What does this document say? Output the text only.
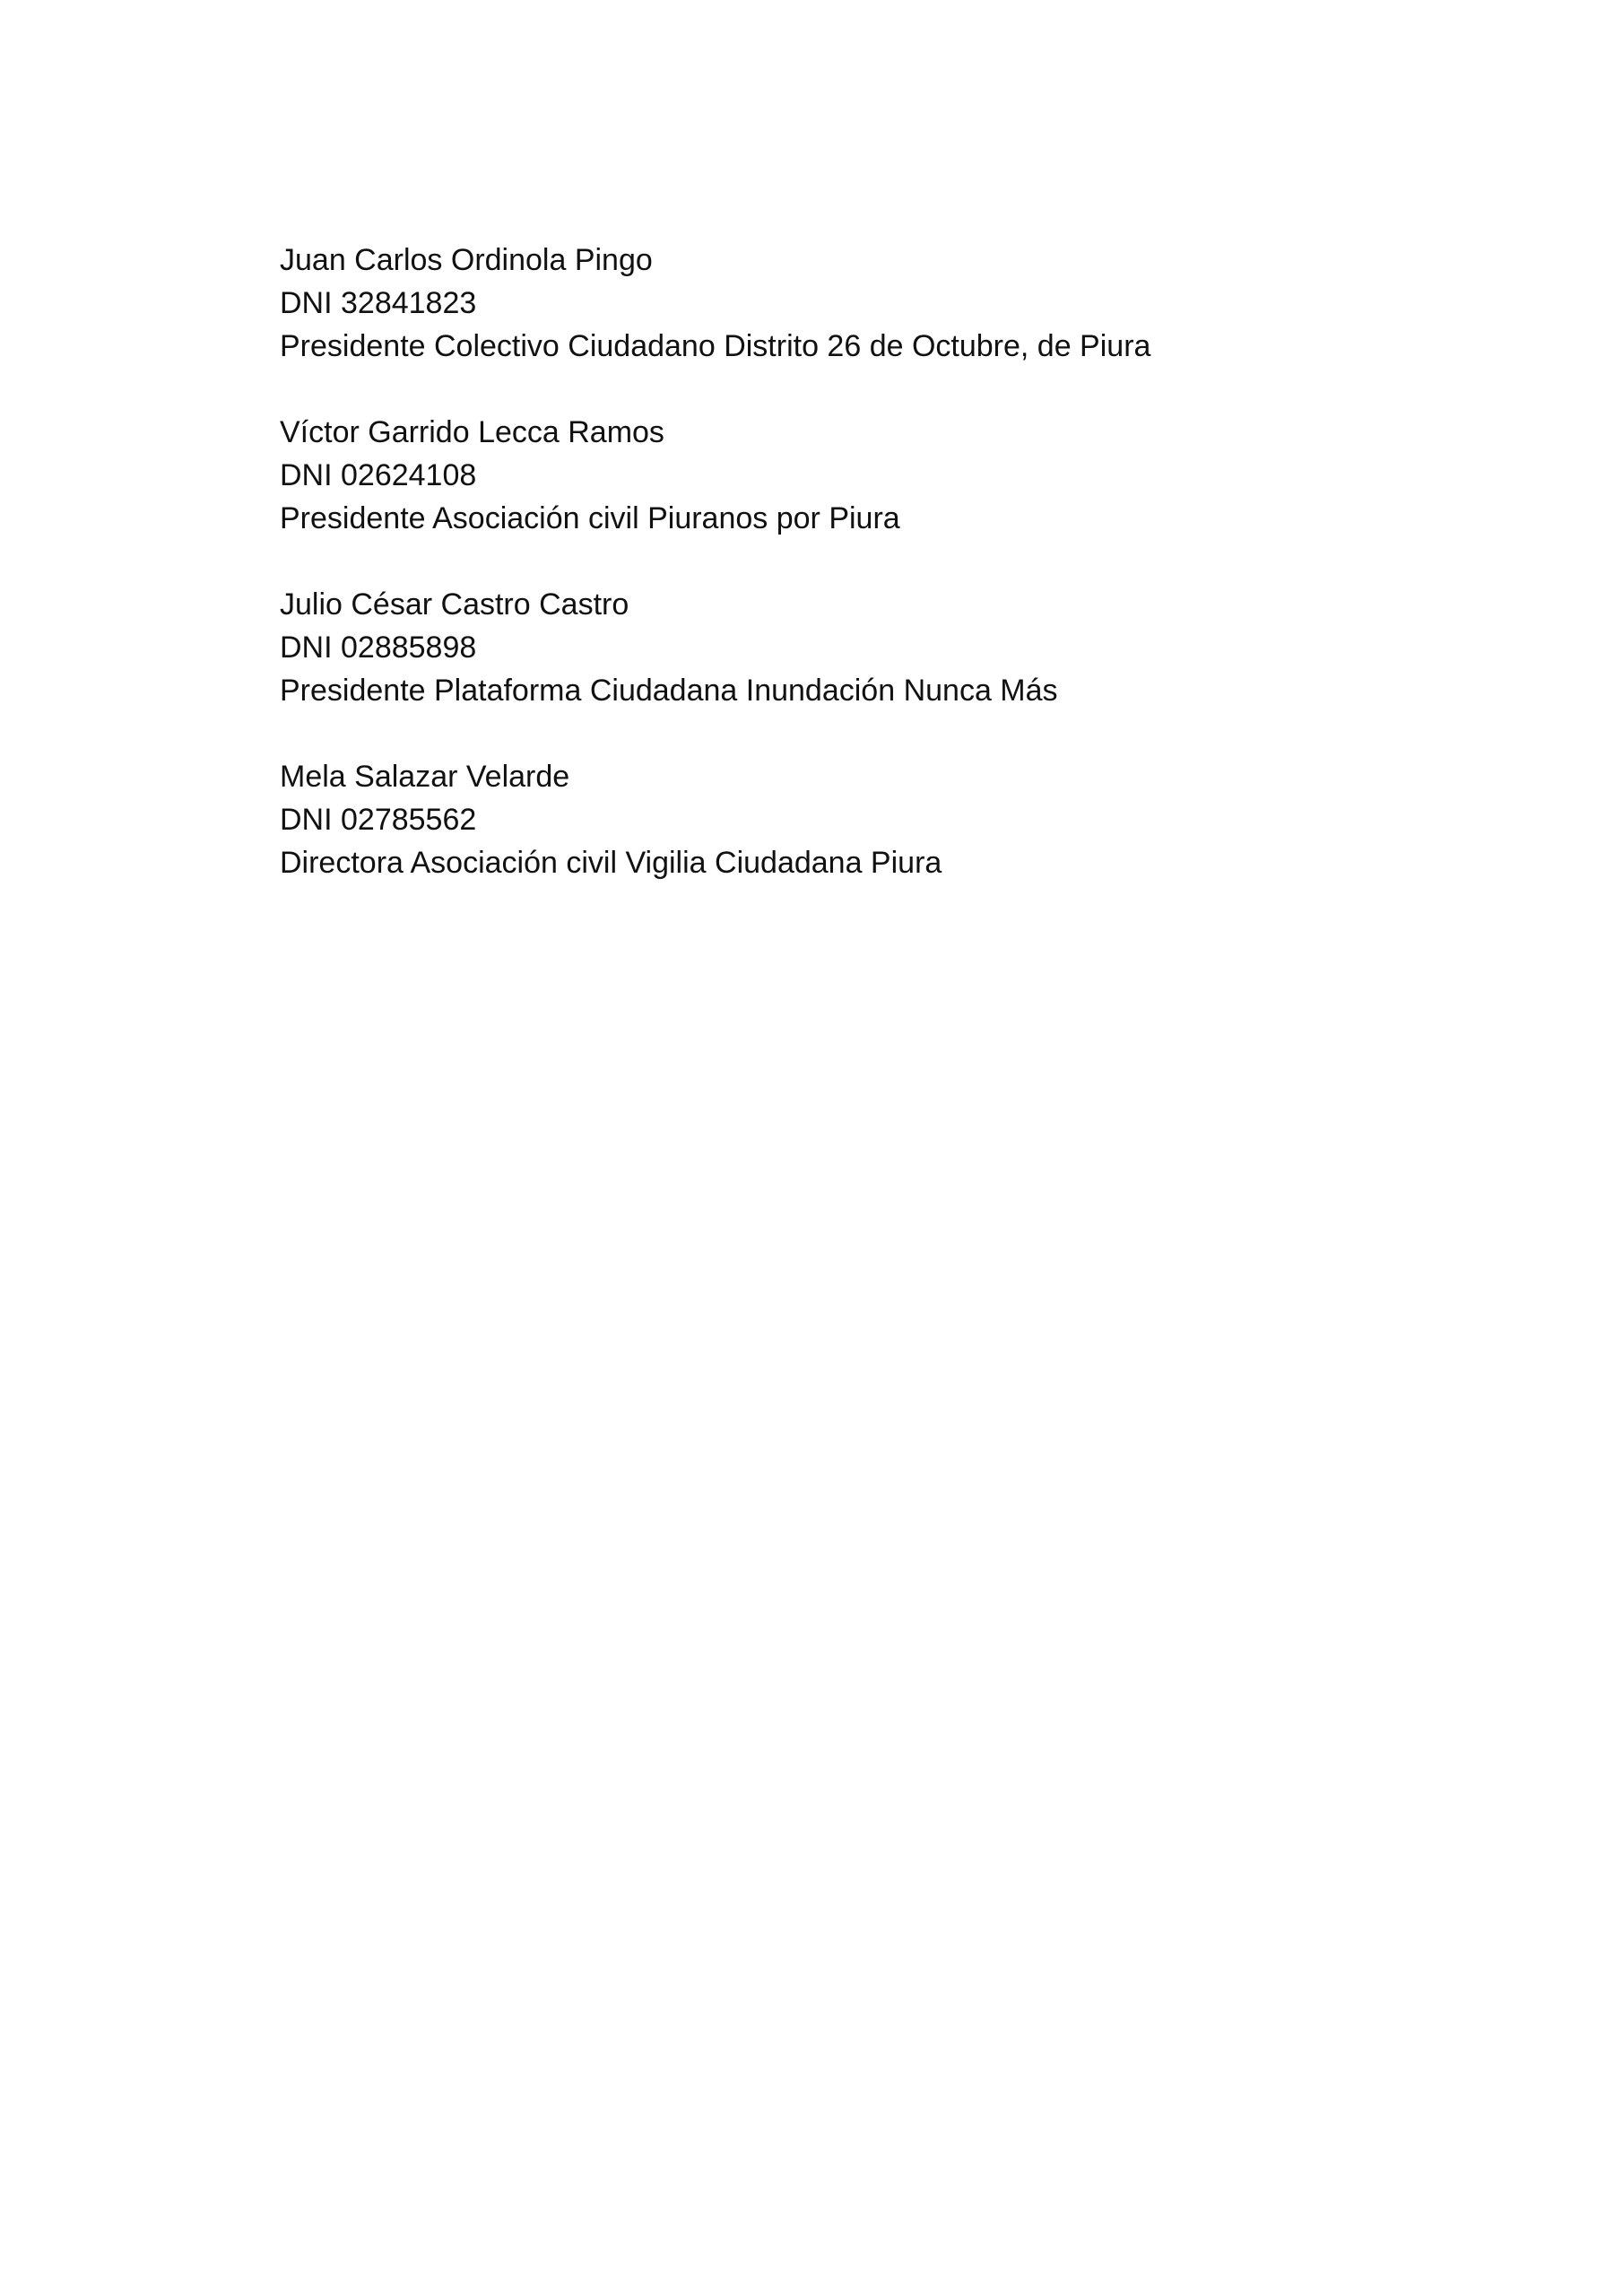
Juan Carlos Ordinola Pingo
DNI 32841823
Presidente Colectivo Ciudadano Distrito 26 de Octubre, de Piura
Víctor Garrido Lecca Ramos
DNI 02624108
Presidente Asociación civil Piuranos por Piura
Julio César Castro Castro
DNI 02885898
Presidente Plataforma Ciudadana Inundación Nunca Más
Mela Salazar Velarde
DNI 02785562
Directora Asociación civil Vigilia Ciudadana Piura
